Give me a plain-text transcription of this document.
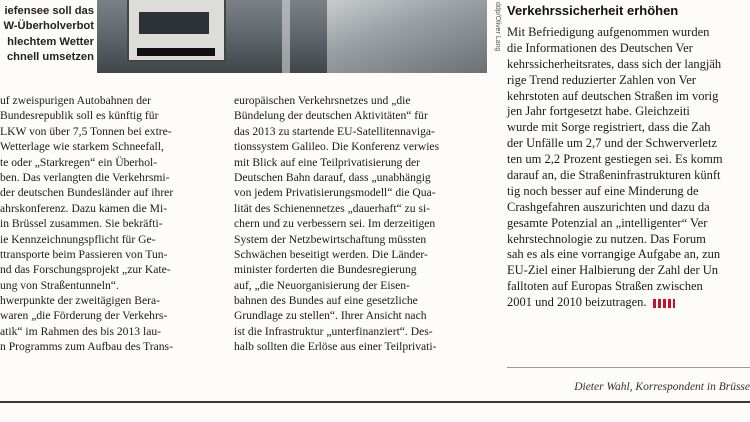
ddp/Oliver Lang
iefensee soll das
W-Überholverbot
hlechtem Wetter
chnell umsetzen
uf zweispurigen Autobahnen der
Bundesrepublik soll es künftig für
LKW von über 7,5 Tonnen bei extre-
Wetterlage wie starkem Schneefall,
te oder „Starkregen“ ein Überhol-
ben. Das verlangten die Verkehrsmi-
der deutschen Bundesländer auf ihrer
ahrskonferenz. Dazu kamen die Mi-
in Brüssel zusammen. Sie bekräfti-
ie Kennzeichnungspflicht für Ge-
ttransporte beim Passieren von Tun-
nd das Forschungsprojekt „zur Kate-
ung von Straßentunneln“.
hwerpunkte der zweitägigen Bera-
waren „die Förderung der Verkehrs-
atik“ im Rahmen des bis 2013 lau-
n Programms zum Aufbau des Trans-
europäischen Verkehrsnetzes und „die
Bündelung der deutschen Aktivitäten“ für
das 2013 zu startende EU-Satellitennaviga-
tionssystem Galileo. Die Konferenz verwies
mit Blick auf eine Teilprivatisierung der
Deutschen Bahn darauf, dass „unabhängig
von jedem Privatisierungsmodell“ die Qua-
lität des Schienennetzes „dauerhaft“ zu si-
chern und zu verbessern sei. Im derzeitigen
System der Netzbewirtschaftung müssten
Schwächen beseitigt werden. Die Länder-
minister forderten die Bundesregierung
auf, „die Neuorganisierung der Eisen-
bahnen des Bundes auf eine gesetzliche
Grundlage zu stellen“. Ihrer Ansicht nach
ist die Infrastruktur „unterfinanziert“. Des-
halb sollten die Erlöse aus einer Teilprivati-
Verkehrssicherheit erhöhen
Mit Befriedigung aufgenommen wurden
die Informationen des Deutschen Ver
kehrssicherheitsrates, dass sich der langjäh
rige Trend reduzierter Zahlen von Ver
kehrstoten auf deutschen Straßen im vorig
jen Jahr fortgesetzt habe. Gleichzeiti
wurde mit Sorge registriert, dass die Zah
der Unfälle um 2,7 und der Schwerverletz
ten um 2,2 Prozent gestiegen sei. Es komm
darauf an, die Straßeninfrastrukturen künft
tig noch besser auf eine Minderung de
Crashgefahren auszurichten und dazu da
gesamte Potenzial an „intelligenter“ Ver
kehrstechnologie zu nutzen. Das Forum
sah es als eine vorrangige Aufgabe an, zun
EU-Ziel einer Halbierung der Zahl der Un
falltoten auf Europas Straßen zwischen
2001 und 2010 beizutragen.
Dieter Wahl, Korrespondent in Brüsse
